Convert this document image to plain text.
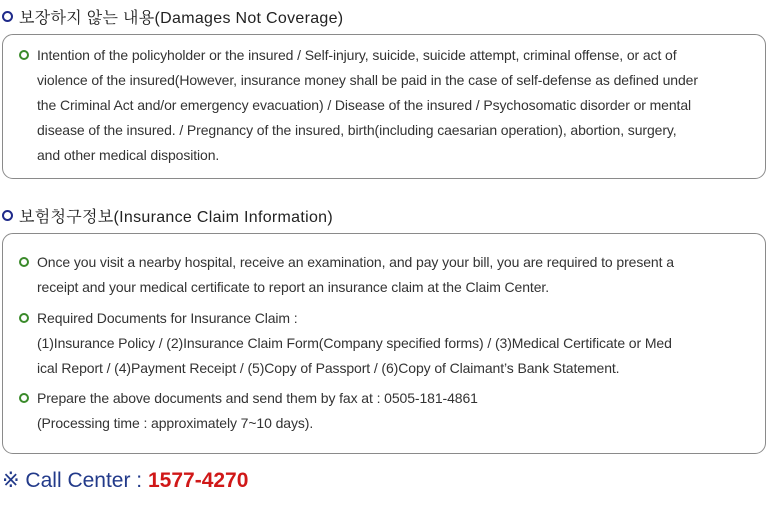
보장하지 않는 내용(Damages Not Coverage)
Intention of the policyholder or the insured / Self-injury, suicide, suicide attempt, criminal offense, or act of
violence of the insured(However, insurance money shall be paid in the case of self-defense as defined under
the Criminal Act and/or emergency evacuation) / Disease of the insured / Psychosomatic disorder or mental
disease of the insured. / Pregnancy of the insured, birth(including caesarian operation), abortion, surgery,
and other medical disposition.
보험청구정보(Insurance Claim Information)
Once you visit a nearby hospital, receive an examination, and pay your bill, you are required to present a
receipt and your medical certificate to report an insurance claim at the Claim Center.
Required Documents for Insurance Claim :
(1)Insurance Policy / (2)Insurance Claim Form(Company specified forms) / (3)Medical Certificate or Med
ical Report / (4)Payment Receipt / (5)Copy of Passport / (6)Copy of Claimant’s Bank Statement.
Prepare the above documents and send them by fax at : 0505-181-4861
(Processing time : approximately 7~10 days).
※ Call Center : 1577-4270
